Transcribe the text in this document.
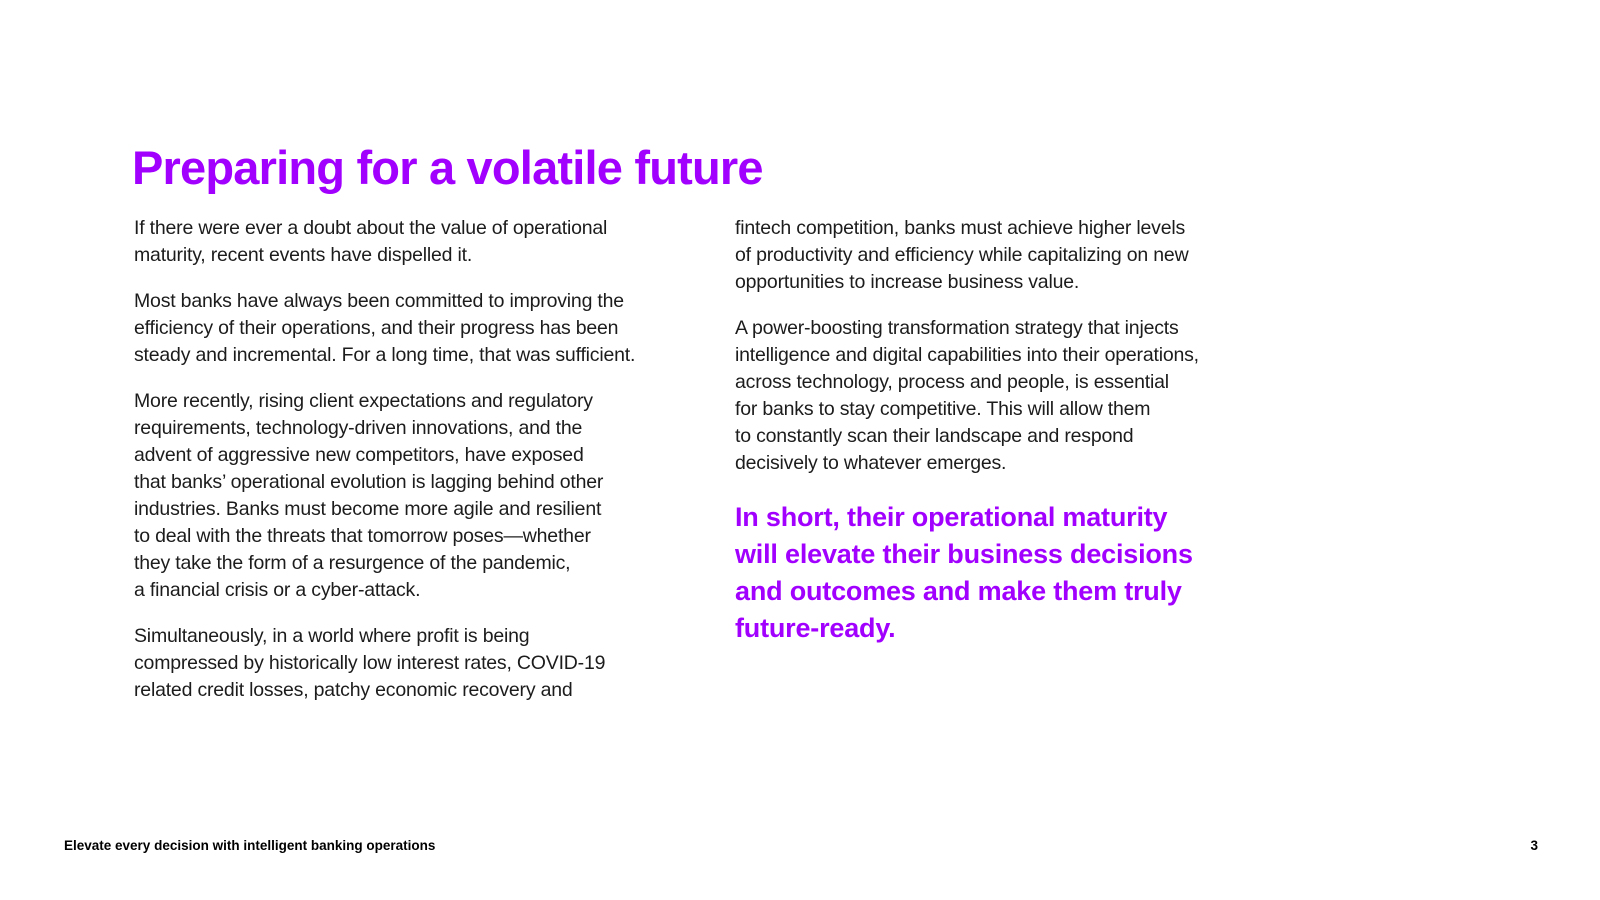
Preparing for a volatile future

If there were ever a doubt about the value of operational
maturity, recent events have dispelled it.

Most banks have always been committed to improving the
efficiency of their operations, and their progress has been
steady and incremental. For a long time, that was sufficient.

More recently, rising client expectations and regulatory
requirements, technology-driven innovations, and the
advent of aggressive new competitors, have exposed
that banks’ operational evolution is lagging behind other
industries. Banks must become more agile and resilient
to deal with the threats that tomorrow poses—whether
they take the form of a resurgence of the pandemic,
a financial crisis or a cyber-attack.

Simultaneously, in a world where profit is being
compressed by historically low interest rates, COVID-19
related credit losses, patchy economic recovery and

fintech competition, banks must achieve higher levels
of productivity and efficiency while capitalizing on new
opportunities to increase business value.

A power-boosting transformation strategy that injects
intelligence and digital capabilities into their operations,
across technology, process and people, is essential
for banks to stay competitive. This will allow them
to constantly scan their landscape and respond
decisively to whatever emerges.

In short, their operational maturity
will elevate their business decisions
and outcomes and make them truly
future-ready.

Elevate every decision with intelligent banking operations	3
